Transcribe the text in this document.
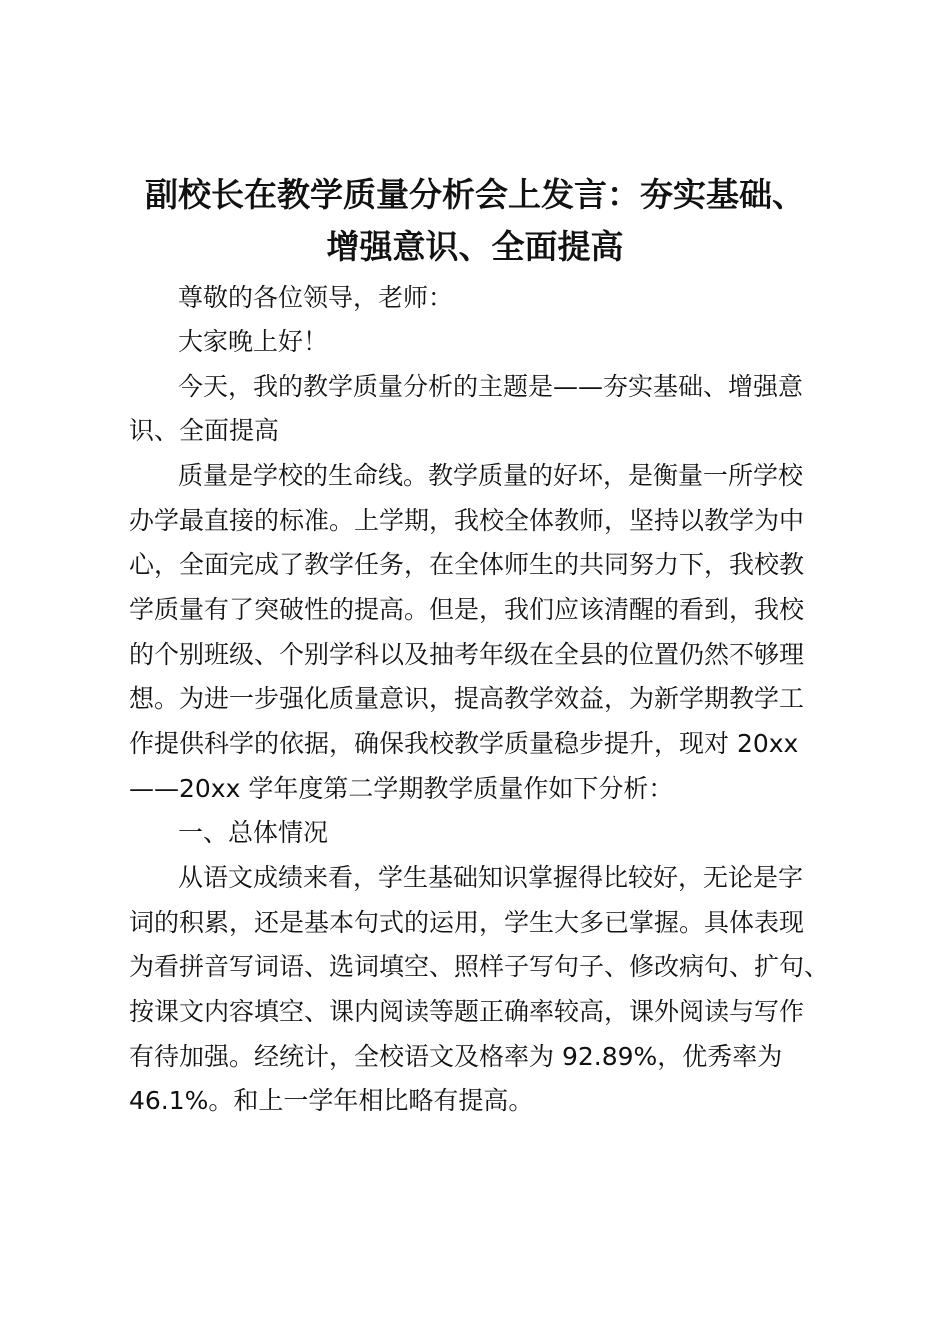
副校长在教学质量分析会上发言：夯实基础、
增强意识、全面提高

尊敬的各位领导，老师：

大家晚上好！

今天，我的教学质量分析的主题是——夯实基础、增强意

识、全面提高

质量是学校的生命线。教学质量的好坏，是衡量一所学校

办学最直接的标准。上学期，我校全体教师，坚持以教学为中

心，全面完成了教学任务，在全体师生的共同努力下，我校教

学质量有了突破性的提高。但是，我们应该清醒的看到，我校

的个别班级、个别学科以及抽考年级在全县的位置仍然不够理

想。为进一步强化质量意识，提高教学效益，为新学期教学工

作提供科学的依据，确保我校教学质量稳步提升，现对 20xx

——20xx 学年度第二学期教学质量作如下分析：

一、总体情况

从语文成绩来看，学生基础知识掌握得比较好，无论是字

词的积累，还是基本句式的运用，学生大多已掌握。具体表现

为看拼音写词语、选词填空、照样子写句子、修改病句、扩句、

按课文内容填空、课内阅读等题正确率较高，课外阅读与写作

有待加强。经统计，全校语文及格率为 92.89%，优秀率为

46.1%。和上一学年相比略有提高。
